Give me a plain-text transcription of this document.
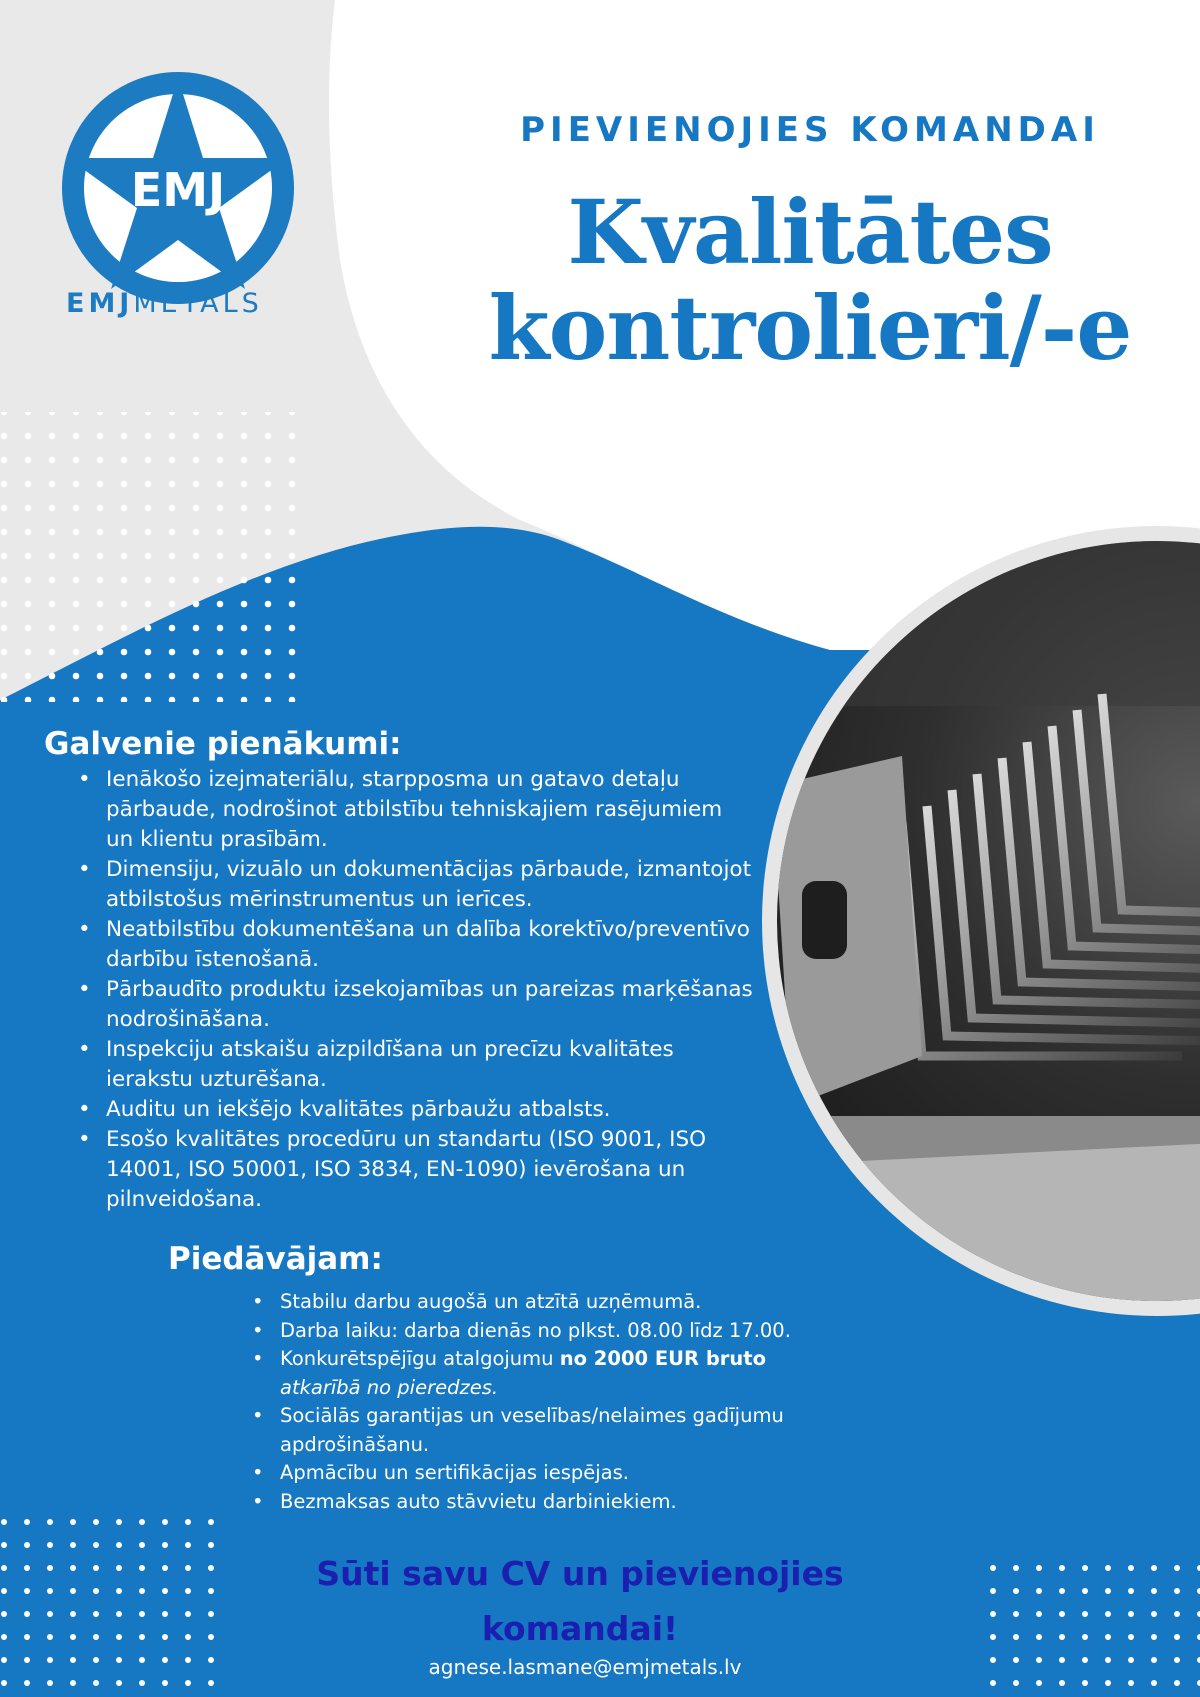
EMJ
EMJMETALS
PIEVIENOJIES KOMANDAI
Kvalitātes
kontrolieri/-e
Galvenie pienākumi:
• Ienākošo izejmateriālu, starpposma un gatavo detaļu pārbaude, nodrošinot atbilstību tehniskajiem rasējumiem un klientu prasībām.
• Dimensiju, vizuālo un dokumentācijas pārbaude, izmantojot atbilstošus mērinstrumentus un ierīces.
• Neatbilstību dokumentēšana un dalība korektīvo/preventīvo darbību īstenošanā.
• Pārbaudīto produktu izsekojamības un pareizas marķēšanas nodrošināšana.
• Inspekciju atskaišu aizpildīšana un precīzu kvalitātes ierakstu uzturēšana.
• Auditu un iekšējo kvalitātes pārbaužu atbalsts.
• Esošo kvalitātes procedūru un standartu (ISO 9001, ISO 14001, ISO 50001, ISO 3834, EN-1090) ievērošana un pilnveidošana.
Piedāvājam:
• Stabilu darbu augošā un atzītā uzņēmumā.
• Darba laiku: darba dienās no plkst. 08.00 līdz 17.00.
• Konkurētspējīgu atalgojumu no 2000 EUR bruto
atkarībā no pieredzes.
• Sociālās garantijas un veselības/nelaimes gadījumu apdrošināšanu.
• Apmācību un sertifikācijas iespējas.
• Bezmaksas auto stāvvietu darbiniekiem.
Sūti savu CV un pievienojies
komandai!
agnese.lasmane@emjmetals.lv
